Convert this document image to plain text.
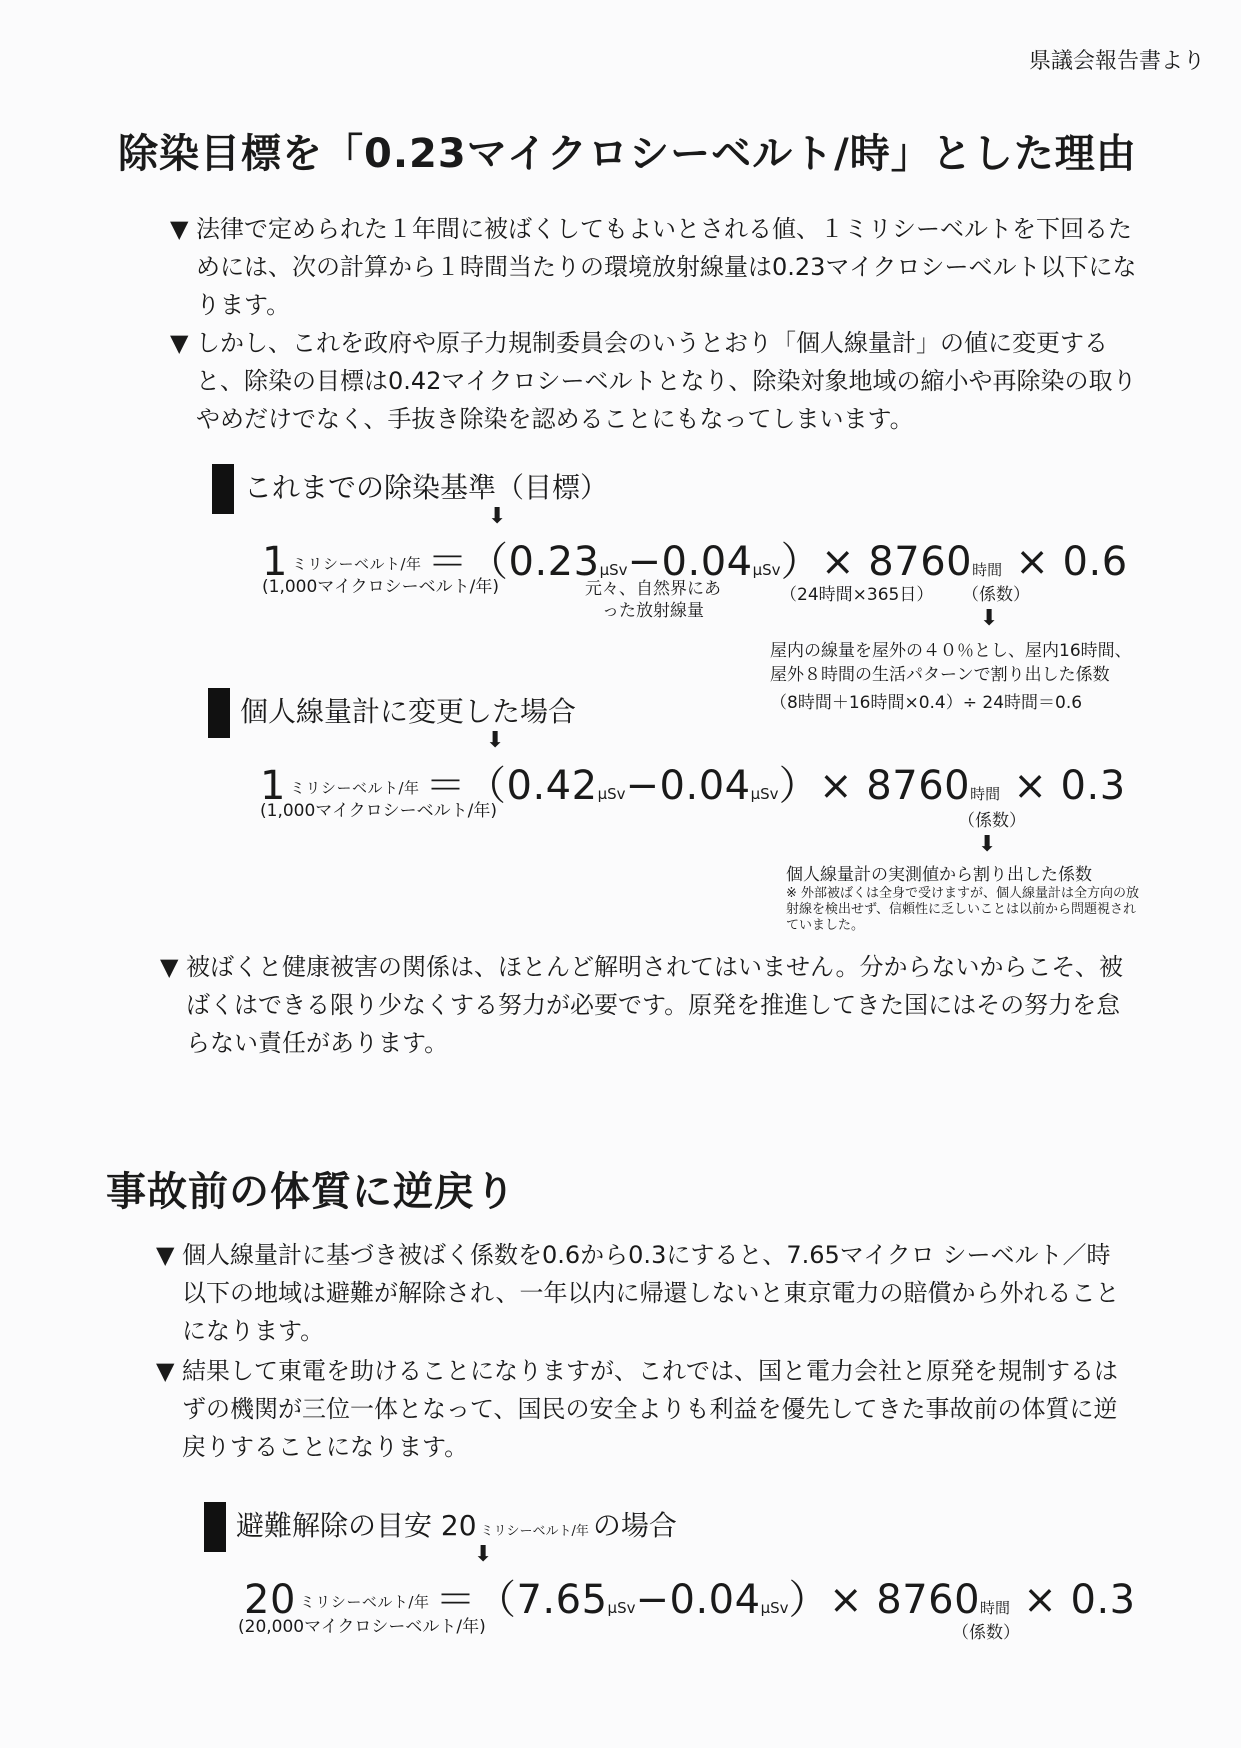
県議会報告書より
除染目標を「0.23マイクロシーベルト/時」とした理由
▼ 法律で定められた１年間に被ばくしてもよいとされる値、１ミリシーベルトを下回るためには、次の計算から１時間当たりの環境放射線量は0.23マイクロシーベルト以下になります。
▼ しかし、これを政府や原子力規制委員会のいうとおり「個人線量計」の値に変更すると、除染の目標は0.42マイクロシーベルトとなり、除染対象地域の縮小や再除染の取りやめだけでなく、手抜き除染を認めることにもなってしまいます。
これまでの除染基準（目標）
⬇
1 ミリシーベルト/年 ＝（0.23μSv−0.04μSv）× 8760時間 × 0.6
(1,000マイクロシーベルト/年)	元々、自然界にあった放射線量
（24時間×365日） （係数）
⬇
屋内の線量を屋外の４０％とし、屋内16時間、
屋外８時間の生活パターンで割り出した係数
（8時間＋16時間×0.4）÷ 24時間＝0.6
個人線量計に変更した場合
⬇
1 ミリシーベルト/年 ＝（0.42μSv−0.04μSv）× 8760時間 × 0.3
(1,000マイクロシーベルト/年)	（係数）
⬇
個人線量計の実測値から割り出した係数
※ 外部被ばくは全身で受けますが、個人線量計は全方向の放射線を検出せず、信頼性に乏しいことは以前から問題視されていました。
▼ 被ばくと健康被害の関係は、ほとんど解明されてはいません。分からないからこそ、被ばくはできる限り少なくする努力が必要です。原発を推進してきた国にはその努力を怠らない責任があります。
事故前の体質に逆戻り
▼ 個人線量計に基づき被ばく係数を0.6から0.3にすると、7.65マイクロ シーベルト／時以下の地域は避難が解除され、一年以内に帰還しないと東京電力の賠償から外れることになります。
▼ 結果して東電を助けることになりますが、これでは、国と電力会社と原発を規制するはずの機関が三位一体となって、国民の安全よりも利益を優先してきた事故前の体質に逆戻りすることになります。
避難解除の目安 20 ミリシーベルト/年 の場合
⬇
20 ミリシーベルト/年 ＝（7.65μSv−0.04μSv）× 8760時間 × 0.3
(20,000マイクロシーベルト/年)	（係数）
